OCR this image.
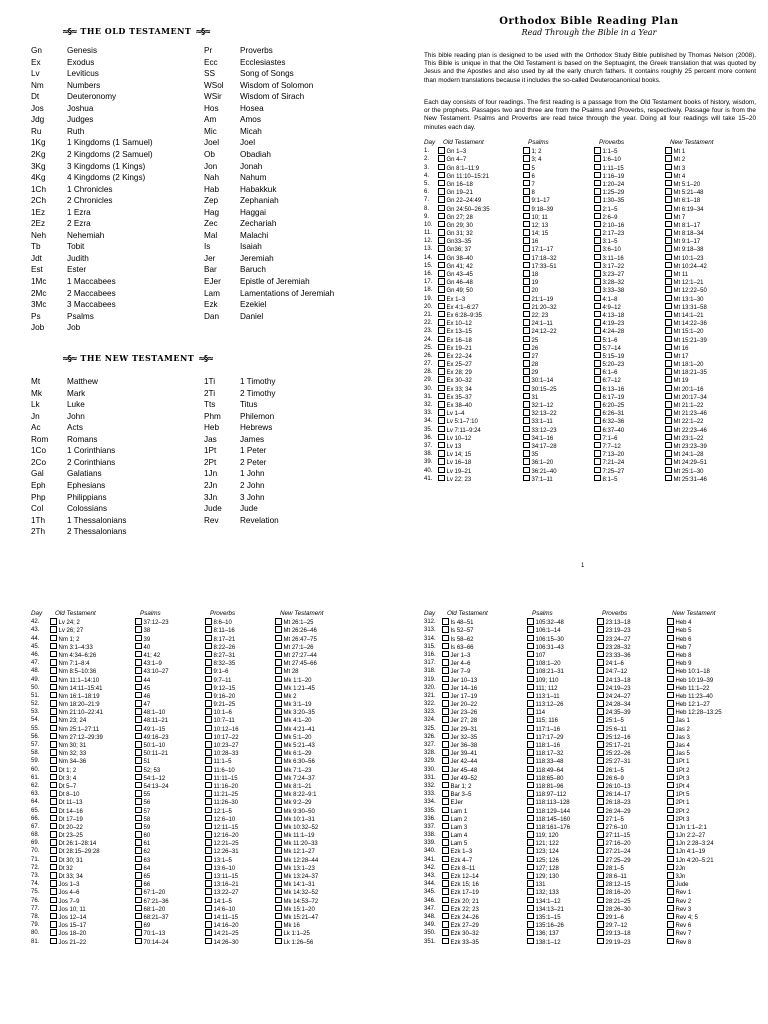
≈§≈ THE OLD TESTAMENT ≈§≈
Gn	Genesis
Ex	Exodus
Lv	Leviticus
Nm	Numbers
Dt	Deuteronomy
Jos	Joshua
Jdg	Judges
Ru	Ruth
1Kg	1 Kingdoms (1 Samuel)
2Kg	2 Kingdoms (2 Samuel)
3Kg	3 Kingdoms (1 Kings)
4Kg	4 Kingdoms (2 Kings)
1Ch	1 Chronicles
2Ch	2 Chronicles
1Ez	1 Ezra
2Ez	2 Ezra
Neh	Nehemiah
Tb	Tobit
Jdt	Judith
Est	Ester
1Mc	1 Maccabees
2Mc	2 Maccabees
3Mc	3 Maccabees
Ps	Psalms
Job	Job
Pr	Proverbs
Ecc	Ecclesiastes
SS	Song of Songs
WSol Wisdom of Solomon
WSir Wisdom of Sirach
Hos	Hosea
Am	Amos
Mic	Micah
Joel	Joel
Ob	Obadiah
Jon	Jonah
Nah	Nahum
Hab	Habakkuk
Zep	Zephaniah
Hag	Haggai
Zec	Zechariah
Mal	Malachi
Is	Isaiah
Jer	Jeremiah
Bar	Baruch
EJer Epistle of Jeremiah
Lam Lamentations of Jeremiah
Ezk	Ezekiel
Dan	Daniel
≈§≈ THE NEW TESTAMENT ≈§≈
Mt	Matthew
Mk	Mark
Lk	Luke
Jn	John
Ac	Acts
Rom Romans
1Co	1 Corinthians
2Co	2 Corinthians
Gal	Galatians
Eph	Ephesians
Php	Philippians
Col	Colossians
1Th	1 Thessalonians
2Th	2 Thessalonians
1Ti	1 Timothy
2Ti	2 Timothy
Tts	Titus
Phm Philemon
Heb	Hebrews
Jas	James
1Pt	1 Peter
2Pt	2 Peter
1Jn	1 John
2Jn	2 John
3Jn	3 John
Jude Jude
Rev	Revelation
Orthodox Bible Reading Plan
Read Through the Bible in a Year
This bible reading plan is designed to be used with the Orthodox Study Bible published by Thomas Nelson (2008). This Bible is unique in that the Old Testament is based on the Septuagint, the Greek translation that was quoted by Jesus and the Apostles and also used by all the early church fathers. It contains roughly 25 percent more content than modern translations because it includes the so-called Deuterocanonical books.
Each day consists of four readings. The first reading is a passage from the Old Testament books of history, wisdom, or the prophets. Passages two and three are from the Psalms and Proverbs, respectively. Passage four is from the New Testament. Psalms and Proverbs are read twice through the year. Doing all four readings will take 15–20 minutes each day.
Day Old Testament	Psalms	Proverbs	New Testament
1.	Gn 1–3	1; 2	1:1–5	Mt 1
2.	Gn 4–7	3; 4	1:6–10	Mt 2
3.	Gn 8:1–11:9	5	1:11–15	Mt 3
4.	Gn 11:10–15:21	6	1:16–19	Mt 4
5.	Gn 16–18	7	1:20–24	Mt 5:1–20
6.	Gn 19–21	8	1:25–29	Mt 5:21–48
7.	Gn 22–24:49	9:1–17	1:30–35	Mt 6:1–18
8.	Gn 24:50–26:35	9:18–39	2:1–5	Mt 6:19–34
9.	Gn 27; 28	10; 11	2:6–9	Mt 7
10.	Gn 29; 30	12; 13	2:10–16	Mt 8:1–17
11.	Gn 31; 32	14; 15	2:17–23	Mt 8:18–34
12.	Gn33–35	16	3:1–5	Mt 9:1–17
13.	Gn36; 37	17:1–17	3:6–10	Mt 9:18–38
14.	Gn 38–40	17:18–32	3:11–16	Mt 10:1–23
15.	Gn 41; 42	17:33–51	3:17–22	Mt 10:24–42
16.	Gn 43–45	18	3:23–27	Mt 11
17.	Gn 46–48	19	3:28–32	Mt 12:1–21
18.	Gn 49; 50	20	3:33–38	Mt 12:22–50
19.	Ex 1–3	21:1–19	4:1–8	Mt 13:1–30
20.	Ex 4:1–6:27	21:20–32	4:9–12	Mt 13:31–58
21.	Ex 6:28–9:35	22; 23	4:13–18	Mt 14:1–21
22.	Ex 10–12	24:1–11	4:19–23	Mt 14:22–36
23.	Ex 13–15	24:12–22	4:24–28	Mt 15:1–20
24.	Ex 16–18	25	5:1–6	Mt 15:21–39
25.	Ex 19–21	26	5:7–14	Mt 16
26.	Ex 22–24	27	5:15–19	Mt 17
27.	Ex 25–27	28	5:20–23	Mt 18:1–20
28.	Ex 28; 29	29	6:1–6	Mt 18:21–35
29.	Ex 30–32	30:1–14	6:7–12	Mt 19
30.	Ex 33; 34	30:15–25	6:13–16	Mt 20:1–16
31.	Ex 35–37	31	6:17–19	Mt 20:17–34
32.	Ex 38–40	32:1–12	6:20–25	Mt 21:1–22
33.	Lv 1–4	32:13–22	6:26–31	Mt 21:23–46
34.	Lv 5:1–7:10	33:1–11	6:32–36	Mt 22:1–22
35.	Lv 7:11–9:24	33:12–23	6:37–40	Mt 22:23–46
36.	Lv 10–12	34:1–16	7:1–6	Mt 23:1–22
37.	Lv 13	34:17–28	7:7–12	Mt 23:23–39
38.	Lv 14; 15	35	7:13–20	Mt 24:1–28
39.	Lv 16–18	36:1–20	7:21–24	Mt 24:29–51
40.	Lv 19–21	36:21–40	7:25–27	Mt 25:1–30
41.	Lv 22; 23	37:1–11	8:1–5	Mt 25:31–46
1
Day Old Testament	Psalms	Proverbs	New Testament
42.	Lv 24; 2	37:12–23	8:6–10	Mt 26:1–25
43.	Lv 26; 27	38	8:11–16	Mt 26:26–46
44.	Nm 1; 2	39	8:17–21	Mt 26:47–75
45.	Nm 3:1–4:33	40	8:22–26	Mt 27:1–26
46.	Nm 4:34–6:26	41; 42	8:27–31	Mt 27:27–44
47.	Nm 7:1–8:4	43:1–9	8:32–35	Mt 27:45–66
48.	Nm 8:5–10:36	43:10–27	9:1–6	Mt 28
49.	Nm 11:1–14:10	44	9:7–11	Mk 1:1–20
50.	Nm 14:11–15:41	45	9:12–15	Mk 1:21–45
51.	Nm 16:1–18:19	46	9:16–20	Mk 2
52.	Nm 18:20–21:9	47	9:21–25	Mk 3:1–19
53.	Nm 21:10–22:41	48:1–10	10:1–6	Mk 3:20–35
54.	Nm 23; 24	48:11–21	10:7–11	Mk 4:1–20
55.	Nm 25:1–27:11	49:1–15	10:12–16	Mk 4:21–41
56.	Nm 27:12–29:39	49:16–23	10:17–22	Mk 5:1–20
57.	Nm 30; 31	50:1–10	10:23–27	Mk 5:21–43
58.	Nm 32; 33	50:11–21	10:28–33	Mk 6:1–29
59.	Nm 34–36	51	11:1–5	Mk 6:30–56
60.	Dt 1; 2	52; 53	11:6–10	Mk 7:1–23
61.	Dt 3; 4	54:1–12	11:11–15	Mk 7:24–37
62.	Dt 5–7	54:13–24	11:16–20	Mk 8:1–21
63.	Dt 8–10	55	11:21–25	Mk 8:22–9:1
64.	Dt 11–13	56	11:26–30	Mk 9:2–29
65.	Dt 14–16	57	12:1–5	Mk 9:30–50
66.	Dt 17–19	58	12:6–10	Mk 10:1–31
67.	Dt 20–22	59	12:11–15	Mk 10:32–52
68.	Dt 23–25	60	12:16–20	Mk 11:1–19
69.	Dt 26:1–28:14	61	12:21–25	Mk 11:20–33
70.	Dt 28:15–29:28	62	12:26–31	Mk 12:1–27
71.	Dt 30; 31	63	13:1–5	Mk 12:28–44
72.	Dt 32	64	13:6–10	Mk 13:1–23
73.	Dt 33; 34	65	13:11–15	Mk 13:24–37
74.	Jos 1–3	66	13:16–21	Mk 14:1–31
75.	Jos 4–6	67:1–20	13:22–27	Mk 14:32–52
76.	Jos 7–9	67:21–36	14:1–5	Mk 14:53–72
77.	Jos 10; 11	68:1–20	14:6–10	Mk 15:1–20
78.	Jos 12–14	68:21–37	14:11–15	Mk 15:21–47
79.	Jos 15–17	69	14:16–20	Mk 16
80.	Jos 18–20	70:1–13	14:21–25	Lk 1:1–25
81.	Jos 21–22	70:14–24	14:26–30	Lk 1:26–56
Day Old Testament	Psalms	Proverbs	New Testament
312.	Is 48–51	105:32–48	23:13–18	Heb 4
313.	Is 52–57	106:1–14	23:19–23	Heb 5
314.	Is 58–62	106:15–30	23:24–27	Heb 6
315.	Is 63–66	106:31–43	23:28–32	Heb 7
316.	Jer 1–3	107	23:33–36	Heb 8
317.	Jer 4–6	108:1–20	24:1–6	Heb 9
318.	Jer 7–9	108:21–31	24:7–12	Heb 10:1–18
319.	Jer 10–13	109; 110	24:13–18	Heb 10:19–39
320.	Jer 14–16	111; 112	24:19–23	Heb 11:1–22
321.	Jer 17–19	113:1–11	24:24–27	Heb 11:23–40
322.	Jer 20–22	113:12–26	24:28–34	Heb 12:1–27
323.	Jer 23–26	114	24:35–39	Heb 12:28–13:25
324.	Jer 27; 28	115; 116	25:1–5	Jas 1
325.	Jer 29–31	117:1–16	25:6–11	Jas 2
326.	Jer 32–35	117:17–29	25:12–16	Jas 3
327.	Jer 36–38	118:1–16	25:17–21	Jas 4
328.	Jer 39–41	118:17–32	25:22–26	Jas 5
329.	Jer 42–44	118:33–48	25:27–31	1Pt 1
330.	Jer 45–48	118:49–64	26:1–5	1Pt 2
331.	Jer 49–52	118:65–80	26:6–9	1Pt 3
332.	Bar 1; 2	118:81–96	26:10–13	1Pt 4
333.	Bar 3–5	118:97–112	26:14–17	1Pt 5
334.	EJer	118:113–128	26:18–23	2Pt 1
335.	Lam 1	118:129–144	26:24–29	2Pt 2
336.	Lam 2	118:145–160	27:1–5	2Pt 3
337.	Lam 3	118:161–176	27:6–10	1Jn 1:1–2:1
338.	Lam 4	119; 120	27:11–15	1Jn 2:2–27
339.	Lam 5	121; 122	27:16–20	1Jn 2:28–3:24
340.	Ezk 1–3	123; 124	27:21–24	1Jn 4:1–19
341.	Ezk 4–7	125; 126	27:25–29	1Jn 4:20–5:21
342.	Ezk 8–11	127; 128	28:1–5	2Jn
343.	Ezk 12–14	129; 130	28:6–11	3Jn
344.	Ezk 15; 16	131	28:12–15	Jude
345.	Ezk 17–19	132; 133	28:16–20	Rev 1
346.	Ezk 20; 21	134:1–12	28:21–25	Rev 2
347.	Ezk 22; 23	134:13–21	28:26–30	Rev 3
348.	Ezk 24–26	135:1–15	29:1–6	Rev 4; 5
349.	Ezk 27–29	135:16–26	29:7–12	Rev 6
350.	Ezk 30–32	136; 137	29:13–18	Rev 7
351.	Ezk 33–35	138:1–12	29:19–23	Rev 8
